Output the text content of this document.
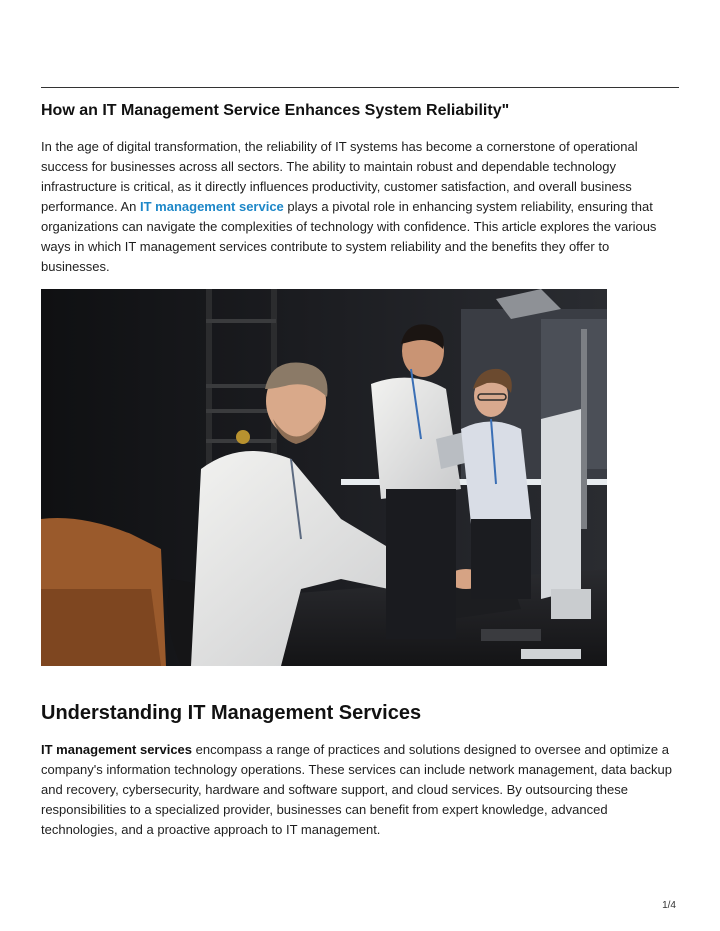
How an IT Management Service Enhances System Reliability"

In the age of digital transformation, the reliability of IT systems has become a cornerstone of operational success for businesses across all sectors. The ability to maintain robust and dependable technology infrastructure is critical, as it directly influences productivity, customer satisfaction, and overall business performance. An IT management service plays a pivotal role in enhancing system reliability, ensuring that organizations can navigate the complexities of technology with confidence. This article explores the various ways in which IT management services contribute to system reliability and the benefits they offer to businesses.

Understanding IT Management Services

IT management services encompass a range of practices and solutions designed to oversee and optimize a company's information technology operations. These services can include network management, data backup and recovery, cybersecurity, hardware and software support, and cloud services. By outsourcing these responsibilities to a specialized provider, businesses can benefit from expert knowledge, advanced technologies, and a proactive approach to IT management.

1/4
